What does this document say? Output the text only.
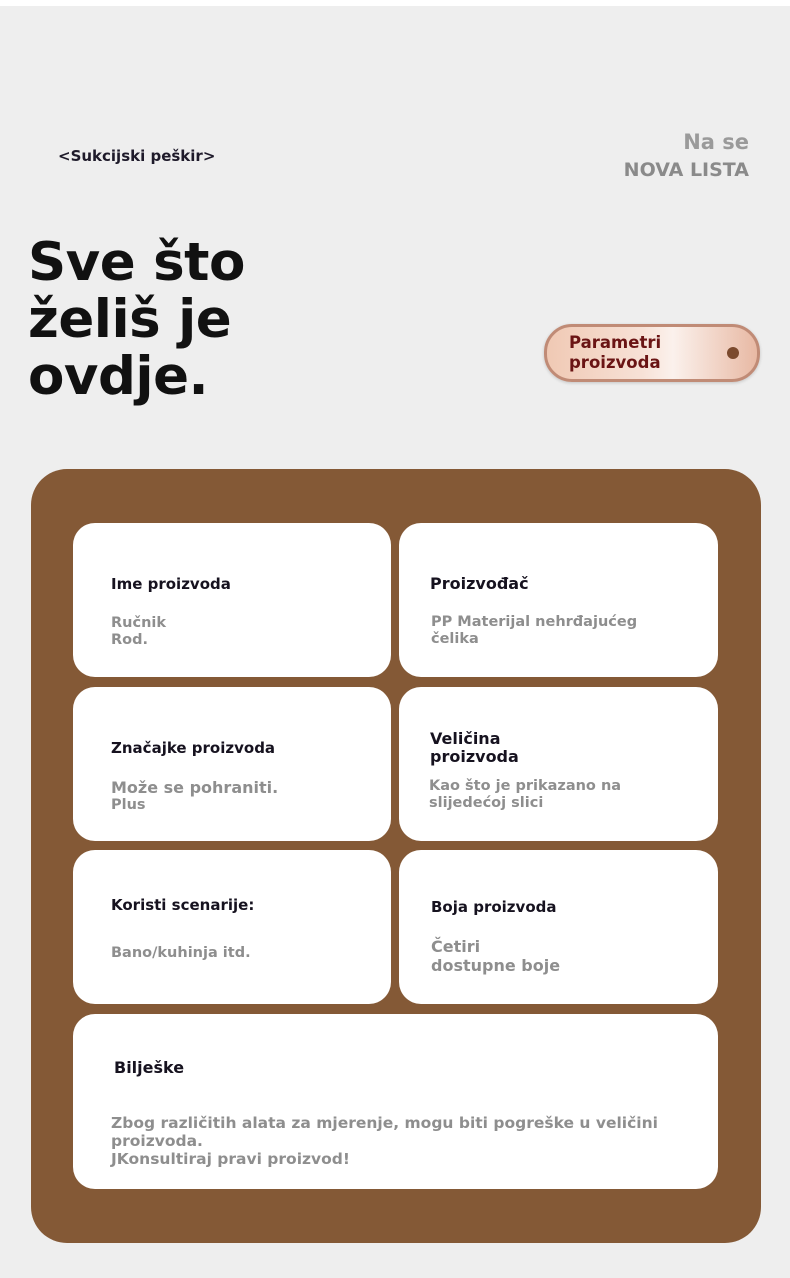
<Sukcijski peškir>
Na se
NOVA LISTA
Sve što
želiš je
ovdje.
Parametri
proizvoda
Ime proizvoda
Ručnik
Rod.
Proizvođač
PP Materijal nehrđajućeg
čelika
Značajke proizvoda
Može se pohraniti.
Plus
Veličina
proizvoda
Kao što je prikazano na
slijedećoj slici
Koristi scenarije:
Bano/kuhinja itd.
Boja proizvoda
Četiri
dostupne boje
Bilješke
Zbog različitih alata za mjerenje, mogu biti pogreške u veličini proizvoda.
JKonsultiraj pravi proizvod!
